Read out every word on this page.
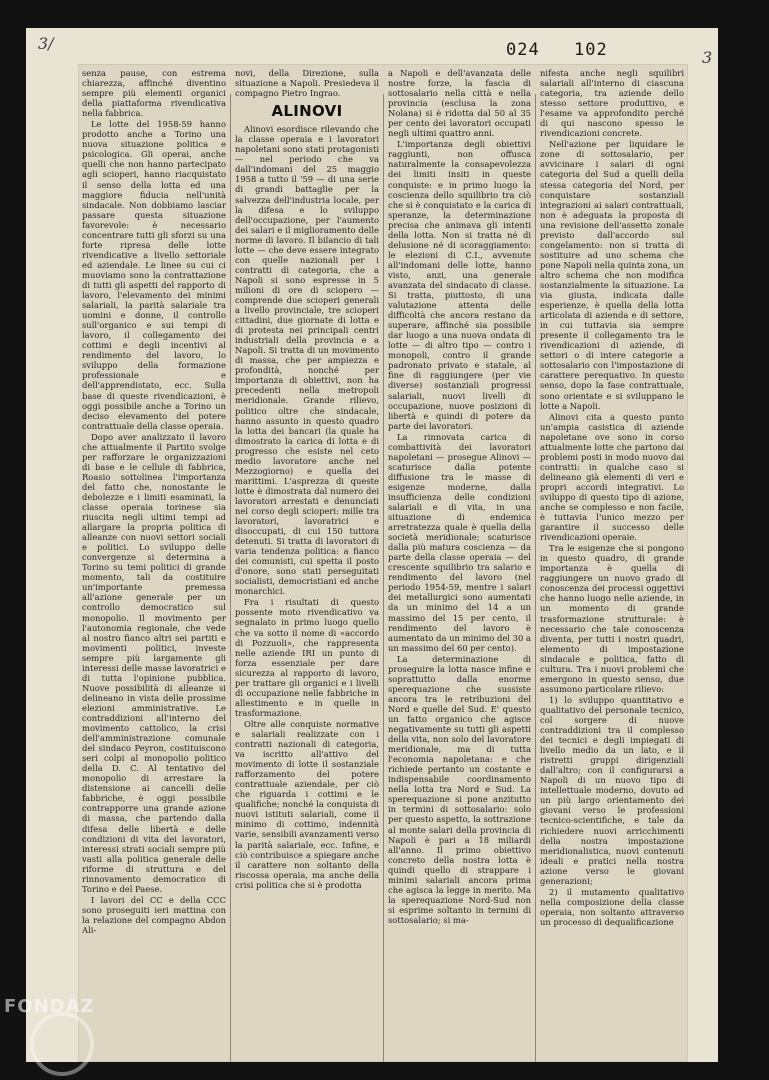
3/
3
024 102

senza pause, con estrema chiarezza, affinché diventino sempre più elementi organici della piattaforma rivendicativa nella fabbrica.

Le lotte del 1958-59 hanno prodotto anche a Torino una nuova situazione politica e psicologica. Gli operai, anche quelli che non hanno partecipato agli scioperi, hanno riacquistato il senso della lotta ed una maggiore fiducia nell'unità sindacale. Non dobbiamo lasciar passare questa situazione favorevole: è necessario concentrare tutti gli sforzi su una forte ripresa delle lotte rivendicative a livello settoriale ed aziendale. Le linee su cui ci muoviamo sono la contrattazione di tutti gli aspetti del rapporto di lavoro, l'elevamento dei minimi salariali, la parità salariale tra uomini e donne, il controllo sull'organico e sui tempi di lavoro, il collegamento dei cottimi e degli incentivi al rendimento del lavoro, lo sviluppo della formazione professionale e dell'apprendistato, ecc. Sulla base di queste rivendicazioni, è oggi possibile anche a Torino un deciso elevamento del potere contrattuale della classe operaia.

Dopo aver analizzato il lavoro che attualmente il Partito svolge per rafforzare le organizzazioni di base e le cellule di fabbrica, Roasio sottolinea l'importanza del fatto che, nonostante le debolezze e i limiti esaminati, la classe operaia torinese sia riuscita negli ultimi tempi ad allargare la propria politica di alleanze con nuovi settori sociali e politici. Lo sviluppo delle convergenze si determina a Torino su temi politici di grande momento, tali da costituire un'importante premessa all'azione generale per un controllo democratico sul monopolio. Il movimento per l'autonomia regionale, che vede al nostro fianco altri sei partiti e movimenti politici, investe sempre più largamente gli interessi delle masse lavoratrici e di tutta l'opinione pubblica. Nuove possibilità di alleanze si delineano in vista delle prossime elezioni amministrative. Le contraddizioni all'interno del movimento cattolico, la crisi dell'amministrazione comunale del sindaco Peyron, costituiscono seri colpi al monopolio politico della D. C. Al tentativo del monopolio di arrestare la distensione ai cancelli delle fabbriche, è oggi possibile contrapporre una grande azione di massa, che partendo dalla difesa delle libertà e delle condizioni di vita dei lavoratori, interessi strati sociali sempre più vasti alla politica generale delle riforme di struttura e del rinnovamento democratico di Torino e del Paese.

I lavori del CC e della CCC sono proseguiti ieri mattina con la relazione del compagno Abdon Ali-

novi, della Direzione, sulla situazione a Napoli. Presiedeva il compagno Pietro Ingrao.

ALINOVI

Alinovi esordisce rilevando che la classe operaia e i lavoratori napoletani sono stati protagonisti — nel periodo che va dall'indomani del 25 maggio 1958 a tutto il '59 — di una serie di grandi battaglie per la salvezza dell'industria locale, per la difesa e lo sviluppo dell'occupazione, per l'aumento dei salari e il miglioramento delle norme di lavoro. Il bilancio di tali lotte — che deve essere integrato con quelle nazionali per i contratti di categoria, che a Napoli si sono espresse in 5 milioni di ore di sciopero — comprende due scioperi generali a livello provinciale, tre scioperi cittadini, due giornate di lotta e di protesta nei principali centri industriali della provincia e a Napoli. Si tratta di un movimento di massa, che per ampiezza e profondità, nonché per importanza di obiettivi, non ha precedenti nella metropoli meridionale. Grande rilievo, politico oltre che sindacale, hanno assunto in questo quadro la lotta dei bancari (la quale ha dimostrato la carica di lotta e di progresso che esiste nel ceto medio lavoratore anche nel Mezzogiorno) e quella dei marittimi. L'asprezza di queste lotte è dimostrata dal numero dei lavoratori arrestati e denunciati nel corso degli scioperi: mille tra lavoratori, lavoratrici e disoccupati, di cui 150 tuttora detenuti. Si tratta di lavoratori di varia tendenza politica: a fianco dei comunisti, cui spetta il posto d'onore, sono stati perseguitati socialisti, democristiani ed anche monarchici.

Fra i risultati di questo possente moto rivendicativo va segnalato in primo luogo quello che va sotto il nome di «accordo di Pozzuoli», che rappresenta nelle aziende IRI un punto di forza essenziale per dare sicurezza al rapporto di lavoro, per trattare gli organici e i livelli di occupazione nelle fabbriche in allestimento e in quelle in trasformazione.

Oltre alle conquiste normative e salariali realizzate con i contratti nazionali di categoria, va iscritto all'attivo del movimento di lotte il sostanziale rafforzamento del potere contrattuale aziendale, per ciò che riguarda i cottimi e le qualifiche; nonché la conquista di nuovi istituti salariali, come il minimo di cottimo, indennità varie, sensibili avanzamenti verso la parità salariale, ecc. Infine, e ciò contribuisce a spiegare anche il carattere non soltanto della riscossa operaia, ma anche della crisi politica che si è prodotta

a Napoli e dell'avanzata delle nostre forze, la fascia di sottosalario nella città e nella provincia (esclusa la zona Nolana) si è ridotta dal 50 al 35 per cento dei lavoratori occupati negli ultimi quattro anni.

L'importanza degli obiettivi raggiunti, non offusca naturalmente la consapevolezza dei limiti insiti in queste conquiste: e in primo luogo la coscienza dello squilibrio tra ciò che si è conquistato e la carica di speranze, la determinazione precisa che animava gli intenti della lotta. Non si tratta né di delusione né di scoraggiamento: le elezioni di C.I., avvenute all'indomani delle lotte, hanno visto, anzi, una generale avanzata del sindacato di classe. Si tratta, piuttosto, di una valutazione attenta delle difficoltà che ancora restano da superare, affinché sia possibile dar luogo a una nuova ondata di lotte — di altro tipo — contro i monopoli, contro il grande padronato privato e statale, al fine di raggiungere (per vie diverse) sostanziali progressi salariali, nuovi livelli di occupazione, nuove posizioni di libertà e quindi di potere da parte dei lavoratori.

La rinnovata carica di combattività dei lavoratori napoletani — prosegue Alinovi — scaturisce dalla potente diffusione tra le masse di esigenze moderne, dalla insufficienza delle condizioni salariali e di vita, in una situazione di endemica arretratezza quale è quella della società meridionale; scaturisce dalla più matura coscienza — da parte della classe operaia — del crescente squilibrio tra salario e rendimento del lavoro (nel periodo 1954-59, mentre i salari dei metallurgici sono aumentati da un minimo del 14 a un massimo del 15 per cento, il rendimento del lavoro è aumentato da un minimo del 30 a un massimo del 60 per cento).

La determinazione di proseguire la lotta nasce infine e soprattutto dalla enorme sperequazione che sussiste ancora tra le retribuzioni del Nord e quelle del Sud. E' questo un fatto organico che agisce negativamente su tutti gli aspetti della vita, non solo del lavoratore meridionale, ma di tutta l'economia napoletana: e che richiede pertanto un costante e indispensabile coordinamento nella lotta tra Nord e Sud. La sperequazione si pone anzitutto in termini di sottosalario: solo per questo aspetto, la sottrazione al monte salari della provincia di Napoli è pari a 18 miliardi all'anno. Il primo obiettivo concreto della nostra lotta è quindi quello di strappare i minimi salariali ancora prima che agisca la legge in merito. Ma la sperequazione Nord-Sud non si esprime soltanto in termini di sottosalario; si ma-

nifesta anche negli squilibri salariali all'interno di ciascuna categoria, tra aziende dello stesso settore produttivo, e l'esame va approfondito perché di qui nascono spesso le rivendicazioni concrete.

Nell'azione per liquidare le zone di sottosalario, per avvicinare i salari di ogni categoria del Sud a quelli della stessa categoria del Nord, per conquistare sostanziali integrazioni ai salari contrattuali, non è adeguata la proposta di una revisione dell'assetto zonale previsto dall'accordo sul congelamento: non si tratta di sostituire ad uno schema che pone Napoli nella quinta zona, un altro schema che non modifica sostanzialmente la situazione. La via giusta, indicata dalle esperienze, è quella della lotta articolata di azienda e di settore, in cui tuttavia sia sempre presente il collegamento tra le rivendicazioni di aziende, di settori o di intere categorie a sottosalario con l'impostazione di carattere perequativo. In questo senso, dopo la fase contrattuale, sono orientate e si sviluppano le lotte a Napoli.

Alinovi cita a questo punto un'ampia casistica di aziende napoletane ove sono in corso attualmente lotte che partono dai problemi posti in modo nuovo dai contratti: in qualche caso si delineano già elementi di veri e propri accordi integrativi. Lo sviluppo di questo tipo di azione, anche se complesso e non facile, è tuttavia l'unico mezzo per garantire il successo delle rivendicazioni operaie.

Tra le esigenze che si pongono in questo quadro, di grande importanza è quella di raggiungere un nuovo grado di conoscenza dei processi oggettivi che hanno luogo nelle aziende, in un momento di grande trasformazione strutturale: è necessario che tale conoscenza diventa, per tutti i nostri quadri, elemento di impostazione sindacale e politica, fatto di cultura. Tra i nuovi problemi che emergono in questo senso, due assumono particolare rilievo:

1) lo sviluppo quantitativo e qualitativo del personale tecnico, col sorgere di nuove contraddizioni tra il complesso dei tecnici e degli impiegati di livello medio da un lato, e il ristretti gruppi dirigenziali dall'altro; con il configurarsi a Napoli di un nuovo tipo di intellettuale moderno, dovuto ad un più largo orientamento dei giovani verso le professioni tecnico-scientifiche, e tale da richiedere nuovi arricchimenti della nostra impostazione meridionalistica, nuovi contenuti ideali e pratici nella nostra azione verso le giovani generazioni;

2) il mutamento qualitativo nella composizione della classe operaia, non soltanto attraverso un processo di dequalificazione

FONDAZ
